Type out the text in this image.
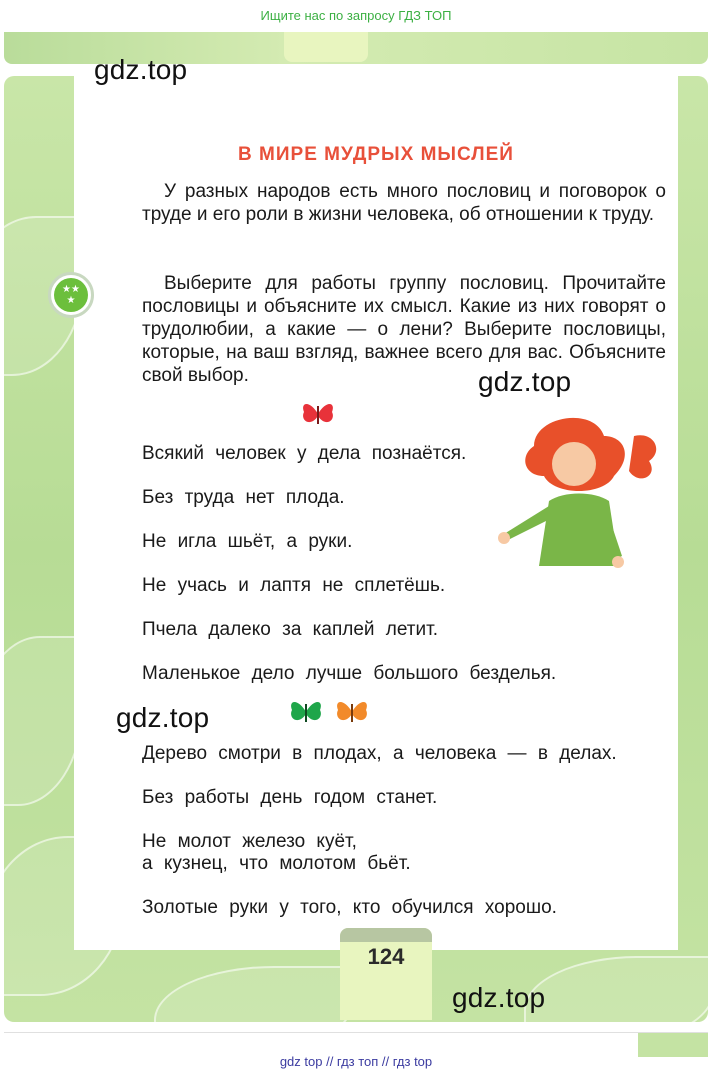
Ищите нас по запросу ГДЗ ТОП
В МИРЕ МУДРЫХ МЫСЛЕЙ
У разных народов есть много пословиц и поговорок о труде и его роли в жизни человека, об отношении к труду.
Выберите для работы группу пословиц. Прочитайте пословицы и объясните их смысл. Какие из них говорят о трудолюбии, а какие — о лени? Выберите пословицы, которые, на ваш взгляд, важнее всего для вас. Объясните свой выбор.
Всякий человек у дела познаётся.
Без труда нет плода.
Не игла шьёт, а руки.
Не учась и лаптя не сплетёшь.
Пчела далеко за каплей летит.
Маленькое дело лучше большого безделья.
Дерево смотри в плодах, а человека — в делах.
Без работы день годом станет.
Не молот железо куёт,
а кузнец, что молотом бьёт.
Золотые руки у того, кто обучился хорошо.
★★
★
124
gdz.top
gdz.top
gdz.top
gdz.top
gdz top // гдз топ // гдз top
